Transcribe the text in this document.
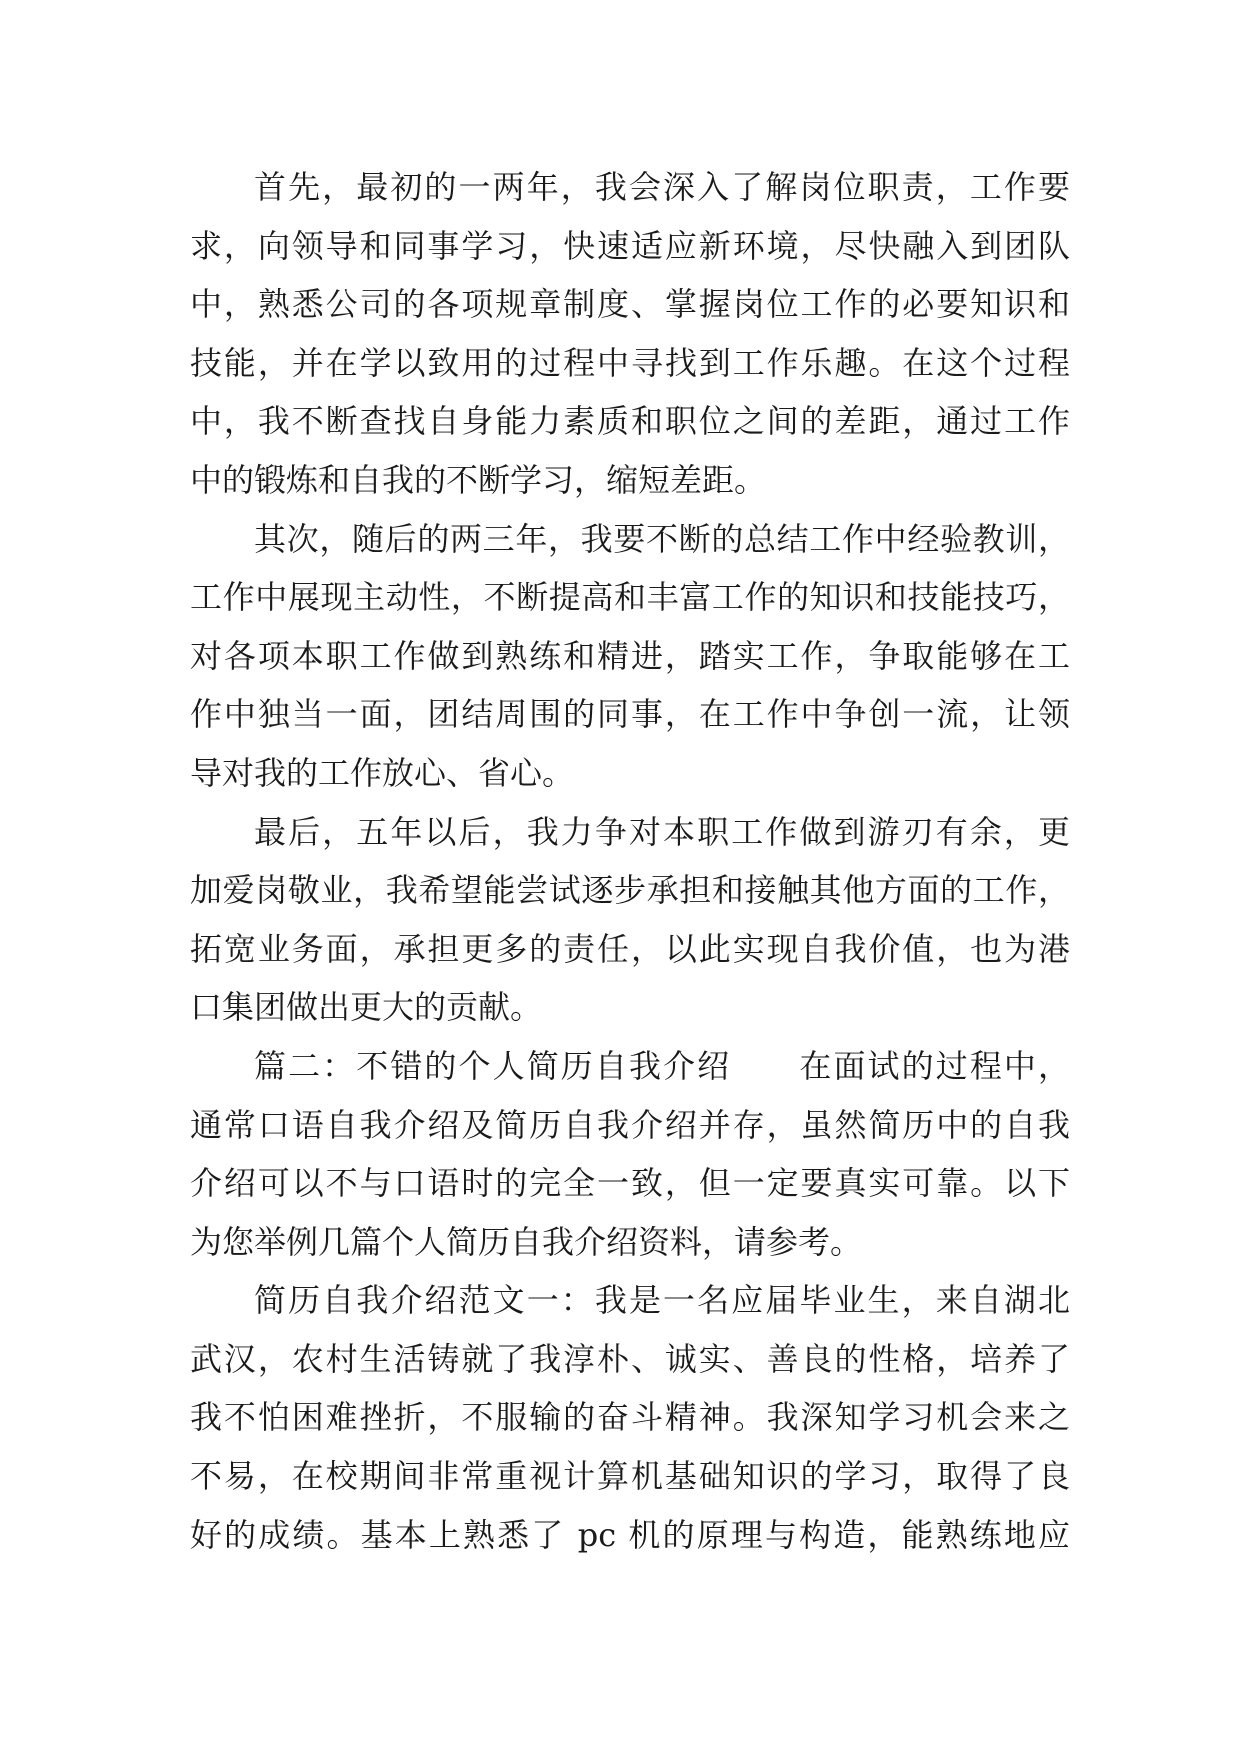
首先，最初的一两年，我会深入了解岗位职责，工作要
求，向领导和同事学习，快速适应新环境，尽快融入到团队
中，熟悉公司的各项规章制度、掌握岗位工作的必要知识和
技能，并在学以致用的过程中寻找到工作乐趣。在这个过程
中，我不断查找自身能力素质和职位之间的差距，通过工作
中的锻炼和自我的不断学习，缩短差距。
其次，随后的两三年，我要不断的总结工作中经验教训，
工作中展现主动性，不断提高和丰富工作的知识和技能技巧，
对各项本职工作做到熟练和精进，踏实工作，争取能够在工
作中独当一面，团结周围的同事，在工作中争创一流，让领
导对我的工作放心、省心。
最后，五年以后，我力争对本职工作做到游刃有余，更
加爱岗敬业，我希望能尝试逐步承担和接触其他方面的工作，
拓宽业务面，承担更多的责任，以此实现自我价值，也为港
口集团做出更大的贡献。
篇二：不错的个人简历自我介绍　　在面试的过程中，
通常口语自我介绍及简历自我介绍并存，虽然简历中的自我
介绍可以不与口语时的完全一致，但一定要真实可靠。以下
为您举例几篇个人简历自我介绍资料，请参考。
简历自我介绍范文一：我是一名应届毕业生，来自湖北
武汉，农村生活铸就了我淳朴、诚实、善良的性格，培养了
我不怕困难挫折，不服输的奋斗精神。我深知学习机会来之
不易，在校期间非常重视计算机基础知识的学习，取得了良
好的成绩。基本上熟悉了 pc 机的原理与构造，能熟练地应
